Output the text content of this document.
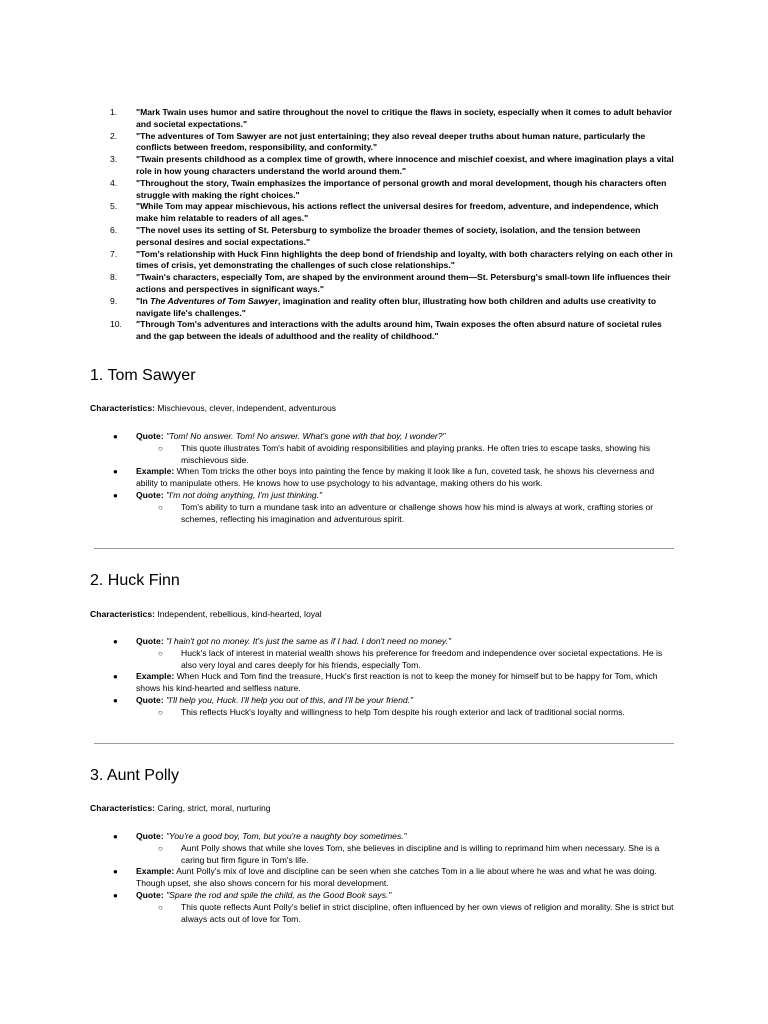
1.	"Mark Twain uses humor and satire throughout the novel to critique the flaws in society, especially when it comes to adult behavior and societal expectations."
2.	"The adventures of Tom Sawyer are not just entertaining; they also reveal deeper truths about human nature, particularly the conflicts between freedom, responsibility, and conformity."
3.	"Twain presents childhood as a complex time of growth, where innocence and mischief coexist, and where imagination plays a vital role in how young characters understand the world around them."
4.	"Throughout the story, Twain emphasizes the importance of personal growth and moral development, though his characters often struggle with making the right choices."
5.	"While Tom may appear mischievous, his actions reflect the universal desires for freedom, adventure, and independence, which make him relatable to readers of all ages."
6.	"The novel uses its setting of St. Petersburg to symbolize the broader themes of society, isolation, and the tension between personal desires and social expectations."
7.	"Tom's relationship with Huck Finn highlights the deep bond of friendship and loyalty, with both characters relying on each other in times of crisis, yet demonstrating the challenges of such close relationships."
8.	"Twain's characters, especially Tom, are shaped by the environment around them—St. Petersburg's small-town life influences their actions and perspectives in significant ways."
9.	"In The Adventures of Tom Sawyer, imagination and reality often blur, illustrating how both children and adults use creativity to navigate life's challenges."
10.	"Through Tom's adventures and interactions with the adults around him, Twain exposes the often absurd nature of societal rules and the gap between the ideals of adulthood and the reality of childhood."
1. Tom Sawyer

Characteristics: Mischievous, clever, independent, adventurous

● Quote: "Tom! No answer. Tom! No answer. What's gone with that boy, I wonder?"
○ This quote illustrates Tom's habit of avoiding responsibilities and playing pranks. He often tries to escape tasks, showing his mischievous side.
● Example: When Tom tricks the other boys into painting the fence by making it look like a fun, coveted task, he shows his cleverness and ability to manipulate others. He knows how to use psychology to his advantage, making others do his work.
● Quote: "I'm not doing anything, I'm just thinking."
○ Tom's ability to turn a mundane task into an adventure or challenge shows how his mind is always at work, crafting stories or schemes, reflecting his imagination and adventurous spirit.
2. Huck Finn

Characteristics: Independent, rebellious, kind-hearted, loyal

● Quote: "I hain't got no money. It's just the same as if I had. I don't need no money."
○ Huck's lack of interest in material wealth shows his preference for freedom and independence over societal expectations. He is also very loyal and cares deeply for his friends, especially Tom.
● Example: When Huck and Tom find the treasure, Huck's first reaction is not to keep the money for himself but to be happy for Tom, which shows his kind-hearted and selfless nature.
● Quote: "I'll help you, Huck. I'll help you out of this, and I'll be your friend."
○ This reflects Huck's loyalty and willingness to help Tom despite his rough exterior and lack of traditional social norms.
3. Aunt Polly

Characteristics: Caring, strict, moral, nurturing

● Quote: "You're a good boy, Tom, but you're a naughty boy sometimes."
○ Aunt Polly shows that while she loves Tom, she believes in discipline and is willing to reprimand him when necessary. She is a caring but firm figure in Tom's life.
● Example: Aunt Polly's mix of love and discipline can be seen when she catches Tom in a lie about where he was and what he was doing. Though upset, she also shows concern for his moral development.
● Quote: "Spare the rod and spile the child, as the Good Book says."
○ This quote reflects Aunt Polly's belief in strict discipline, often influenced by her own views of religion and morality. She is strict but always acts out of love for Tom.
